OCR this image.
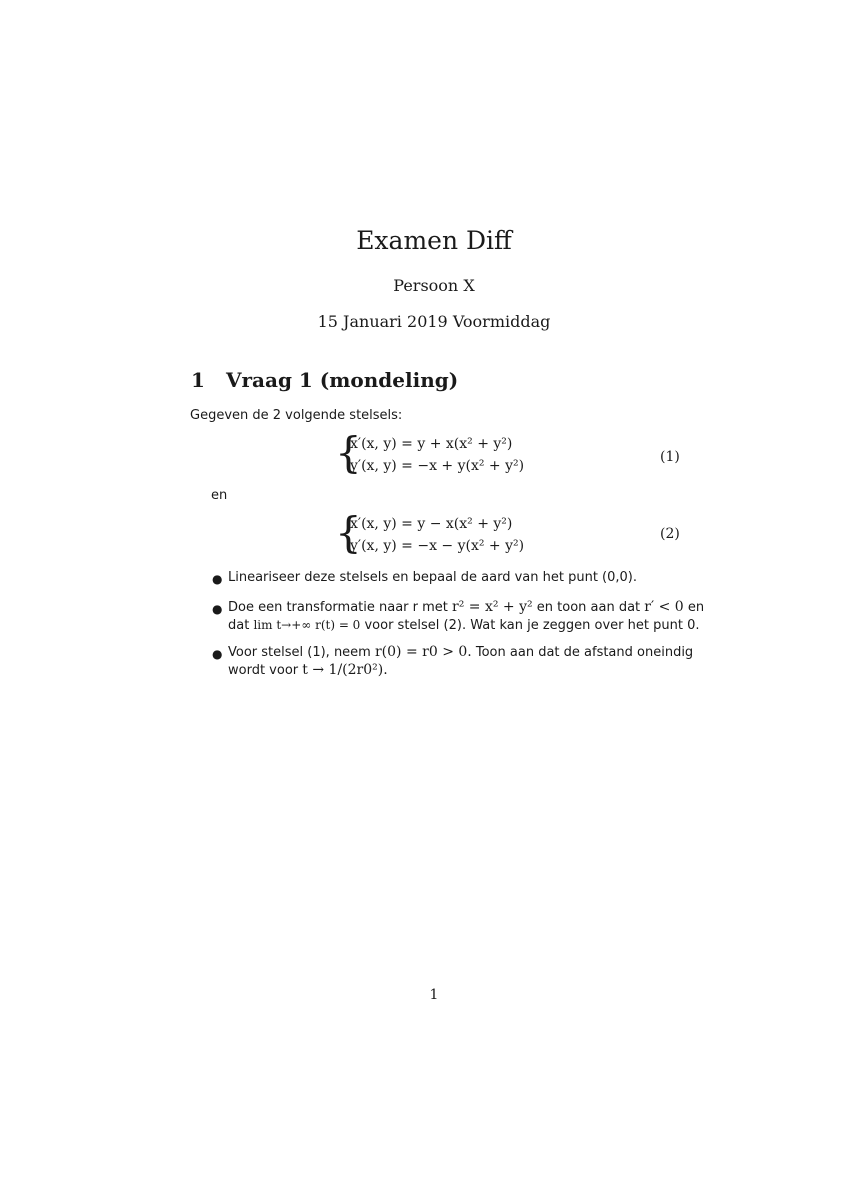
Examen Diff
Persoon X
15 Januari 2019 Voormiddag
1 Vraag 1 (mondeling)
Gegeven de 2 volgende stelsels:
{
x′(x, y) = y + x(x² + y²)
y′(x, y) = −x + y(x² + y²)
(1)
en
{
x′(x, y) = y − x(x² + y²)
y′(x, y) = −x − y(x² + y²)
(2)
● Lineariseer deze stelsels en bepaal de aard van het punt (0,0).
● Doe een transformatie naar r met r² = x² + y² en toon aan dat r′ < 0 en
dat lim t→+∞ r(t) = 0 voor stelsel (2). Wat kan je zeggen over het punt 0.
● Voor stelsel (1), neem r(0) = r0 > 0. Toon aan dat de afstand oneindig
wordt voor t → 1/(2r0²).
1
